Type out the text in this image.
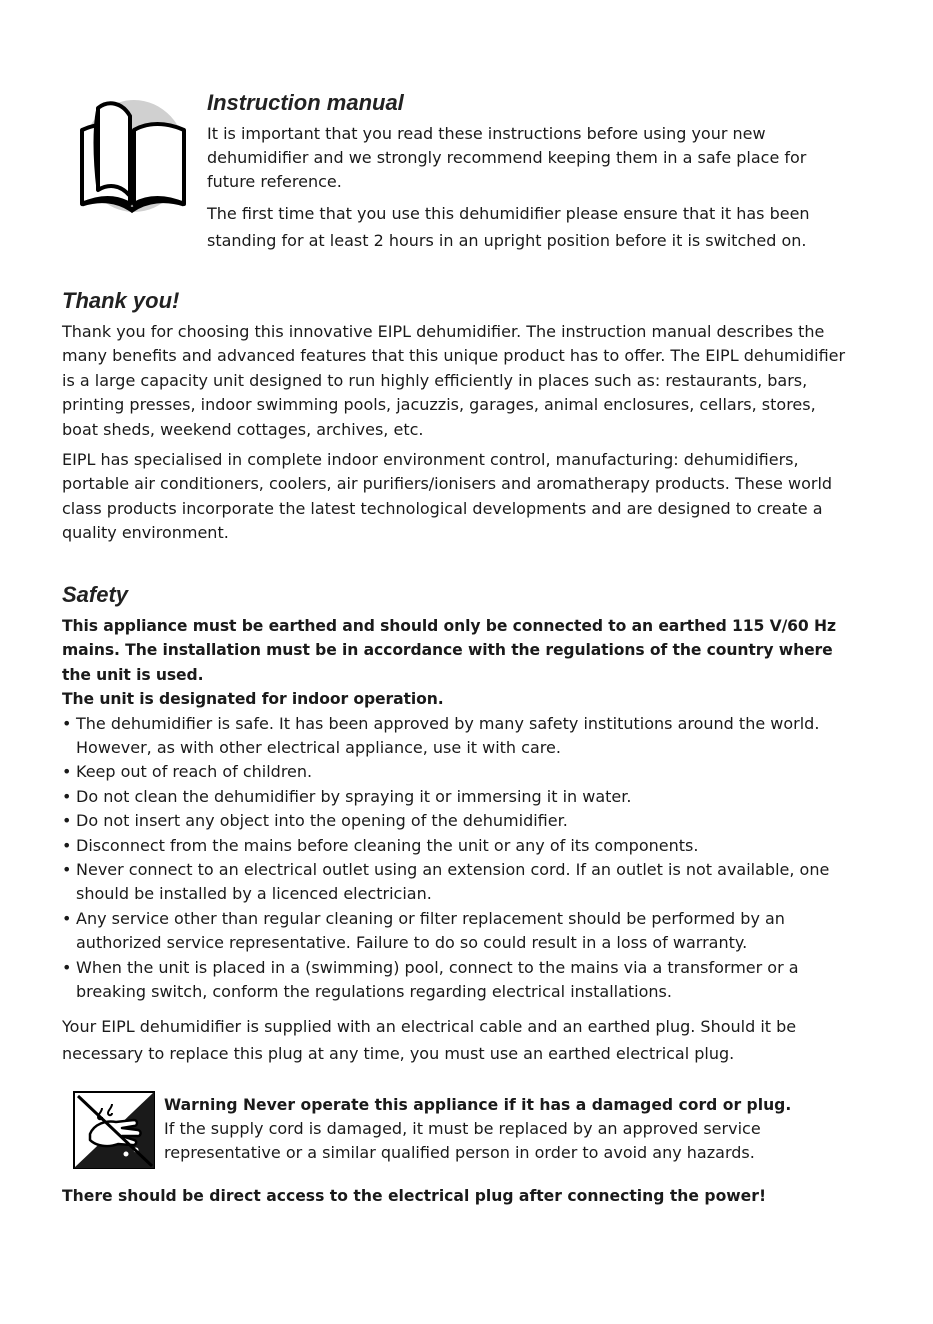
Instruction manual

It is important that you read these instructions before using your new dehumidifier and we strongly recommend keeping them in a safe place for future reference.

The first time that you use this dehumidifier please ensure that it has been standing for at least 2 hours in an upright position before it is switched on.

Thank you!

Thank you for choosing this innovative EIPL dehumidifier. The instruction manual describes the many benefits and advanced features that this unique product has to offer. The EIPL dehumidifier is a large capacity unit designed to run highly efficiently in places such as: restaurants, bars, printing presses, indoor swimming pools, jacuzzis, garages, animal enclosures, cellars, stores, boat sheds, weekend cottages, archives, etc.

EIPL has specialised in complete indoor environment control, manufacturing: dehumidifiers, portable air conditioners, coolers, air purifiers/ionisers and aromatherapy products. These world class products incorporate the latest technological developments and are designed to create a quality environment.

Safety

This appliance must be earthed and should only be connected to an earthed 115 V/60 Hz mains. The installation must be in accordance with the regulations of the country where the unit is used.

The unit is designated for indoor operation.

• The dehumidifier is safe. It has been approved by many safety institutions around the world. However, as with other electrical appliance, use it with care.
• Keep out of reach of children.
• Do not clean the dehumidifier by spraying it or immersing it in water.
• Do not insert any object into the opening of the dehumidifier.
• Disconnect from the mains before cleaning the unit or any of its components.
• Never connect to an electrical outlet using an extension cord. If an outlet is not available, one should be installed by a licenced electrician.
• Any service other than regular cleaning or filter replacement should be performed by an authorized service representative. Failure to do so could result in a loss of warranty.
• When the unit is placed in a (swimming) pool, connect to the mains via a transformer or a breaking switch, conform the regulations regarding electrical installations.

Your EIPL dehumidifier is supplied with an electrical cable and an earthed plug. Should it be necessary to replace this plug at any time, you must use an earthed electrical plug.

Warning Never operate this appliance if it has a damaged cord or plug.

If the supply cord is damaged, it must be replaced by an approved service representative or a similar qualified person in order to avoid any hazards.

There should be direct access to the electrical plug after connecting the power!
